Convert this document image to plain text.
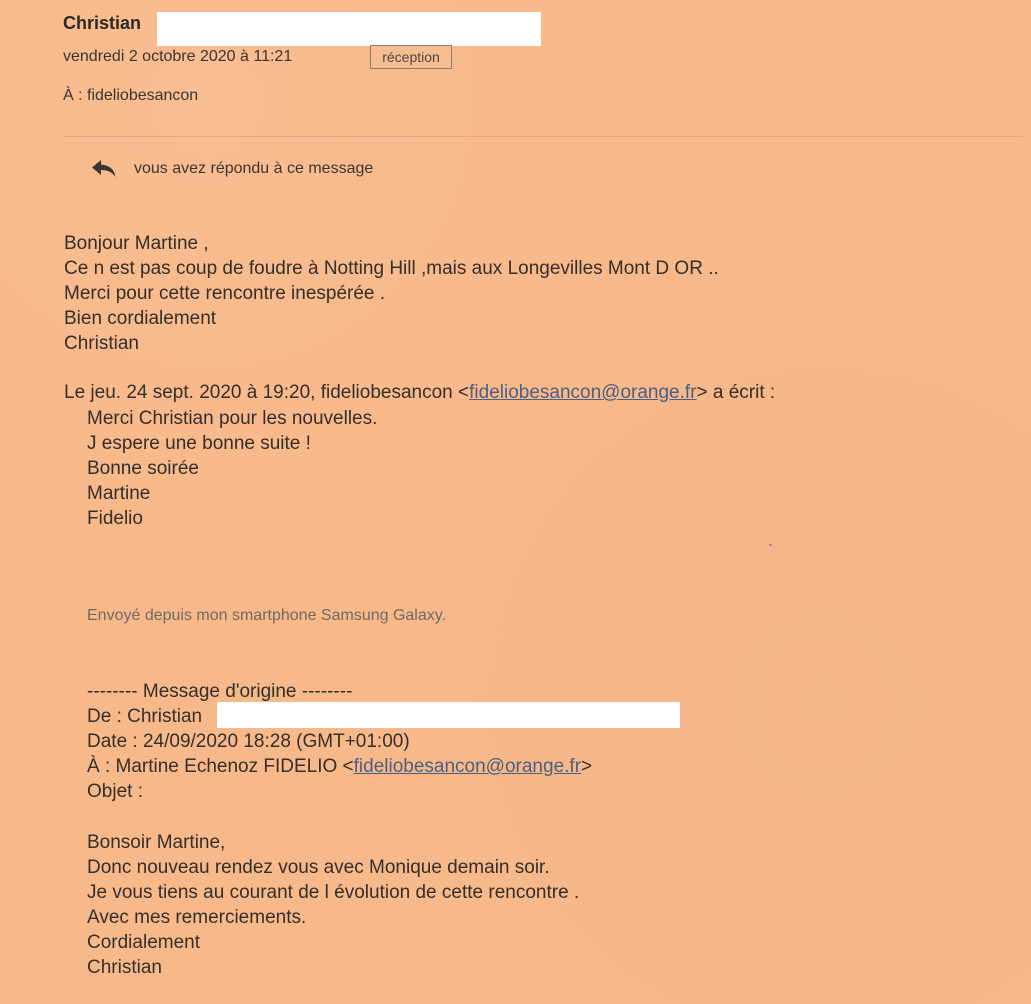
Christian
vendredi 2 octobre 2020 à 11:21	réception
À : fideliobesancon
vous avez répondu à ce message

Bonjour Martine ,

Ce n est pas coup de foudre à Notting Hill ,mais aux Longevilles Mont D OR ..

Merci pour cette rencontre inespérée .

Bien cordialement

Christian

Le jeu. 24 sept. 2020 à 19:20, fideliobesancon <fideliobesancon@orange.fr> a écrit :

Merci Christian pour les nouvelles.

J espere une bonne suite !

Bonne soirée

Martine

Fidelio

Envoyé depuis mon smartphone Samsung Galaxy.

-------- Message d'origine --------

De : Christian

Date : 24/09/2020 18:28 (GMT+01:00)

À : Martine Echenoz FIDELIO <fideliobesancon@orange.fr>

Objet :

Bonsoir Martine,

Donc nouveau rendez vous avec Monique demain soir.

Je vous tiens au courant de l évolution de cette rencontre .

Avec mes remerciements.

Cordialement

Christian
